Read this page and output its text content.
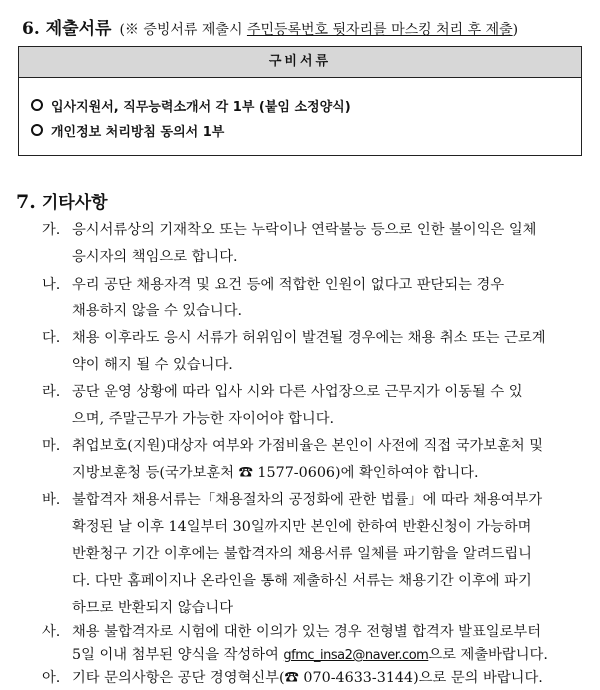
6. 제출서류 (※ 증빙서류 제출시 주민등록번호 뒷자리를 마스킹 처리 후 제출)
구비서류
입사지원서, 직무능력소개서 각 1부 (붙임 소정양식)
개인정보 처리방침 동의서 1부
7. 기타사항
가. 응시서류상의 기재착오 또는 누락이나 연락불능 등으로 인한 불이익은 일체
응시자의 책임으로 합니다.
나. 우리 공단 채용자격 및 요건 등에 적합한 인원이 없다고 판단되는 경우
채용하지 않을 수 있습니다.
다. 채용 이후라도 응시 서류가 허위임이 발견될 경우에는 채용 취소 또는 근로계
약이 해지 될 수 있습니다.
라. 공단 운영 상황에 따라 입사 시와 다른 사업장으로 근무지가 이동될 수 있
으며, 주말근무가 가능한 자이어야 합니다.
마. 취업보호(지원)대상자 여부와 가점비율은 본인이 사전에 직접 국가보훈처 및
지방보훈청 등(국가보훈처 ☎ 1577-0606)에 확인하여야 합니다.
바. 불합격자 채용서류는「채용절차의 공정화에 관한 법률」에 따라 채용여부가
확정된 날 이후 14일부터 30일까지만 본인에 한하여 반환신청이 가능하며
반환청구 기간 이후에는 불합격자의 채용서류 일체를 파기함을 알려드립니
다. 다만 홈페이지나 온라인을 통해 제출하신 서류는 채용기간 이후에 파기
하므로 반환되지 않습니다
사. 채용 불합격자로 시험에 대한 이의가 있는 경우 전형별 합격자 발표일로부터
5일 이내 첨부된 양식을 작성하여 gfmc_insa2@naver.com으로 제출바랍니다.
아. 기타 문의사항은 공단 경영혁신부(☎ 070-4633-3144)으로 문의 바랍니다.
